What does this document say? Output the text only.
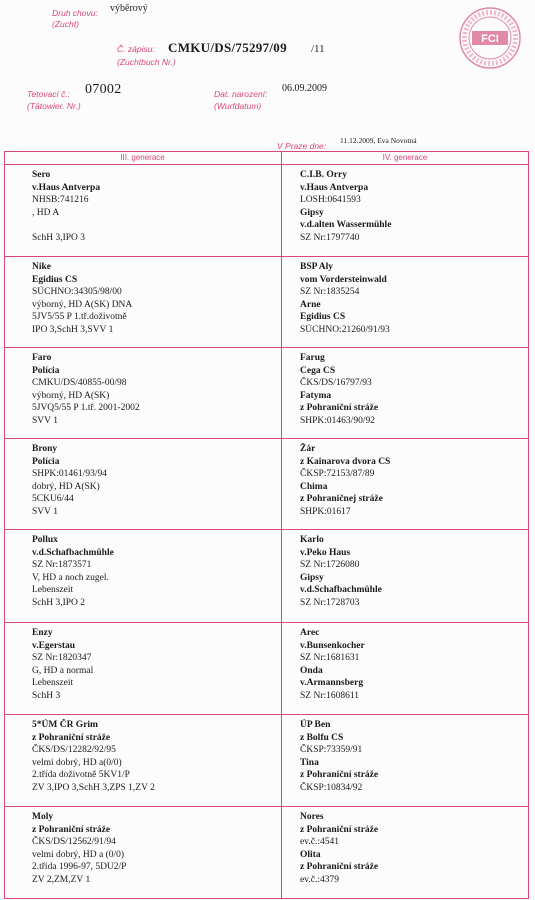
Druh chovu:
(Zucht)
výběrový
Č. zápisu:
(Zuchtbuch Nr.)
CMKU/DS/75297/09 /11
Tetovací č.:
(Tätowier. Nr.)
07002	Dat. narození:
(Wurfdatum)
06.09.2009
V Praze dne:
11.12.2009, Eva Novotná
FCI
III. generace	IV. generace
Sero
v.Haus Antverpa
NHSB:741216
, HD A

SchH 3,IPO 3
C.I.B. Orry
v.Haus Antverpa
LOSH:0641593
Gipsy
v.d.alten Wassermühle
SZ Nr:1797740
Nike
Egidius CS
SÚCHNO:34305/98/00
výborný, HD A(SK) DNA
5JV5/55 P 1.tř.doživotně
IPO 3,SchH 3,SVV 1
BSP Aly
vom Vordersteinwald
SZ Nr:1835254
Arne
Egidius CS
SÚCHNO:21260/91/93
Faro
Polícia
CMKU/DS/40855-00/98
výborný, HD A(SK)
5JVQ5/55 P 1.tř. 2001-2002
SVV 1
Farug
Cega CS
ČKS/DS/16797/93
Fatyma
z Pohraniční stráže
SHPK:01463/90/92
Brony
Polícia
SHPK:01461/93/94
dobrý, HD A(SK)
5CKU6/44
SVV 1
Žár
z Kainarova dvora CS
ČKSP:72153/87/89
Chima
z Pohraničnej stráže
SHPK:01617
Pollux
v.d.Schafbachmühle
SZ Nr:1873571
V, HD a noch zugel.
Lebenszeit
SchH 3,IPO 2
Karlo
v.Peko Haus
SZ Nr:1726080
Gipsy
v.d.Schafbachmühle
SZ Nr:1728703
Enzy
v.Egerstau
SZ Nr:1820347
G, HD a normal
Lebenszeit
SchH 3
Arec
v.Bunsenkocher
SZ Nr:1681631
Onda
v.Armannsberg
SZ Nr:1608611
5*ÚM ČR Grim
z Pohraniční stráže
ČKS/DS/12282/92/95
velmi dobrý, HD a(0/0)
2.třída doživotně 5KV1/P
ZV 3,IPO 3,SchH 3,ZPS 1,ZV 2
ÚP Ben
z Bolfu CS
ČKSP:73359/91
Tina
z Pohraniční stráže
ČKSP:10834/92
Moly
z Pohraniční stráže
ČKS/DS/12562/91/94
velmi dobrý, HD a (0/0)
2.třída 1996-97, 5DU2/P
ZV 2,ZM,ZV 1
Nores
z Pohraniční stráže
ev.č.:4541
Olita
z Pohraniční stráže
ev.č.:4379
